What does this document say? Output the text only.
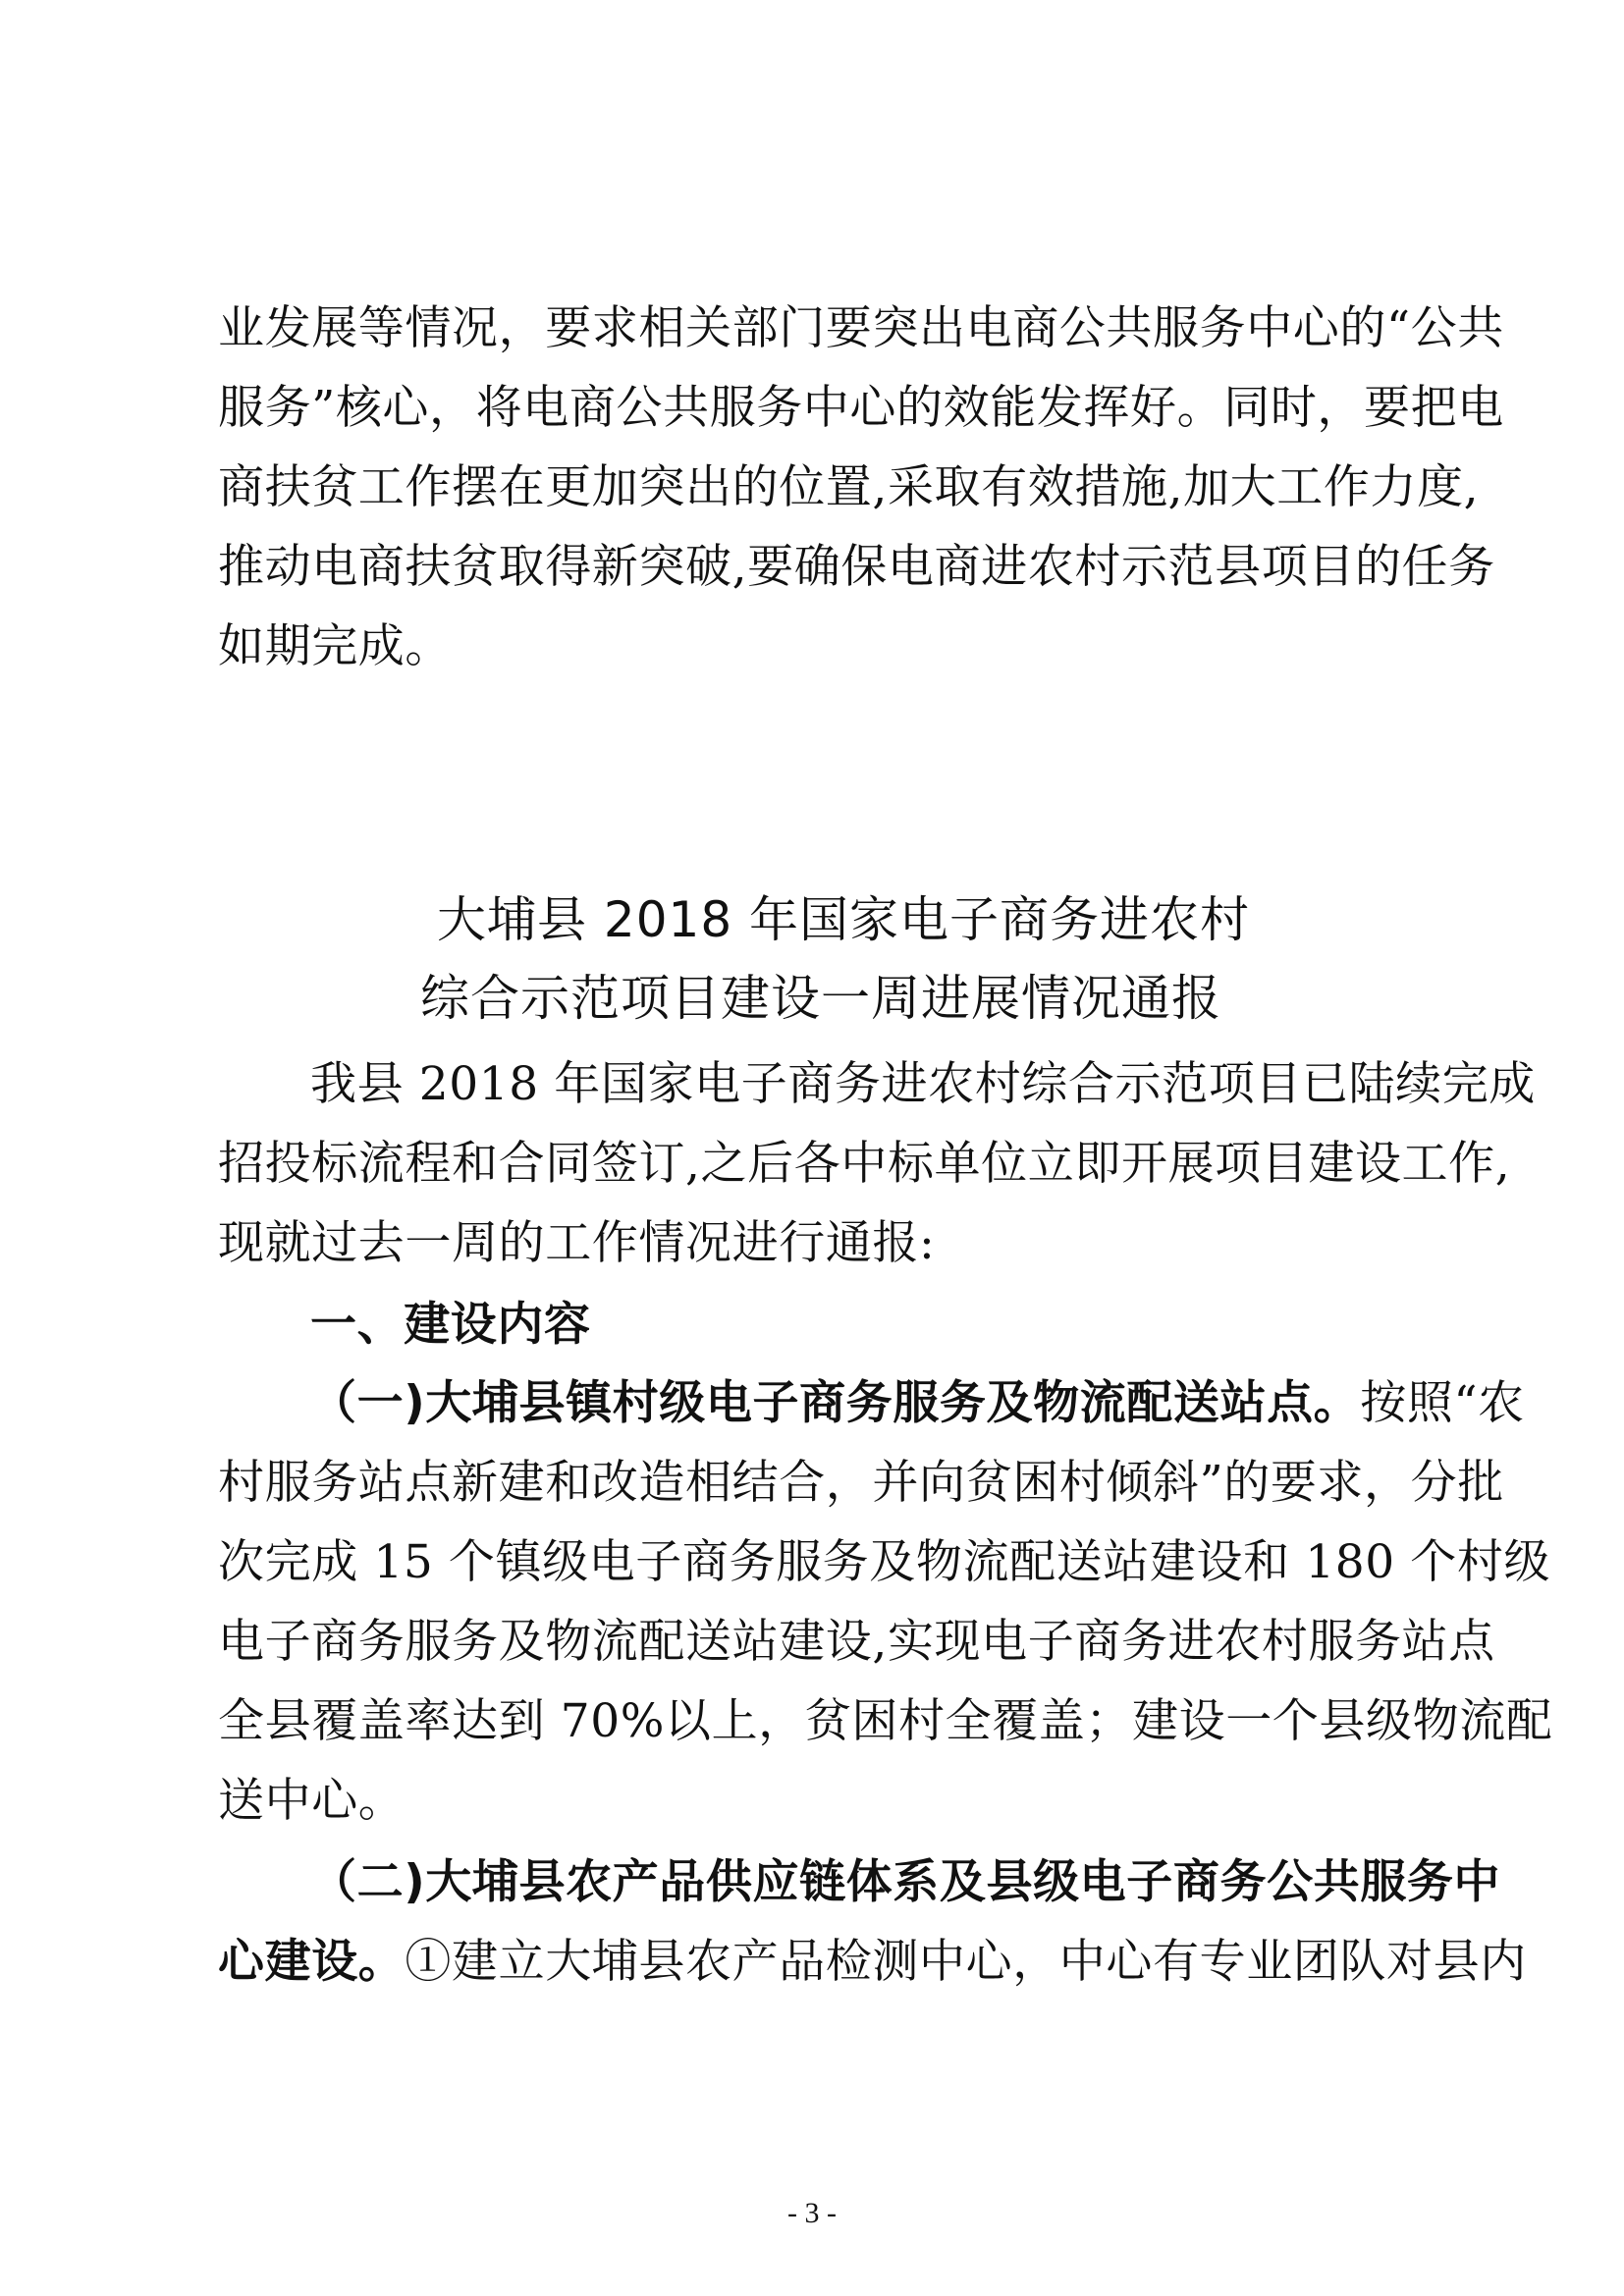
业发展等情况，要求相关部门要突出电商公共服务中心的“公共
服务”核心，将电商公共服务中心的效能发挥好。同时，要把电
商扶贫工作摆在更加突出的位置,采取有效措施,加大工作力度,
推动电商扶贫取得新突破,要确保电商进农村示范县项目的任务
如期完成。
大埔县 2018 年国家电子商务进农村
综合示范项目建设一周进展情况通报
我县 2018 年国家电子商务进农村综合示范项目已陆续完成
招投标流程和合同签订,之后各中标单位立即开展项目建设工作,
现就过去一周的工作情况进行通报:
一、建设内容
（一)大埔县镇村级电子商务服务及物流配送站点。按照“农
村服务站点新建和改造相结合，并向贫困村倾斜”的要求，分批
次完成 15 个镇级电子商务服务及物流配送站建设和 180 个村级
电子商务服务及物流配送站建设,实现电子商务进农村服务站点
全县覆盖率达到 70%以上，贫困村全覆盖；建设一个县级物流配
送中心。
（二)大埔县农产品供应链体系及县级电子商务公共服务中
心建设。①建立大埔县农产品检测中心，中心有专业团队对县内
- 3 -
